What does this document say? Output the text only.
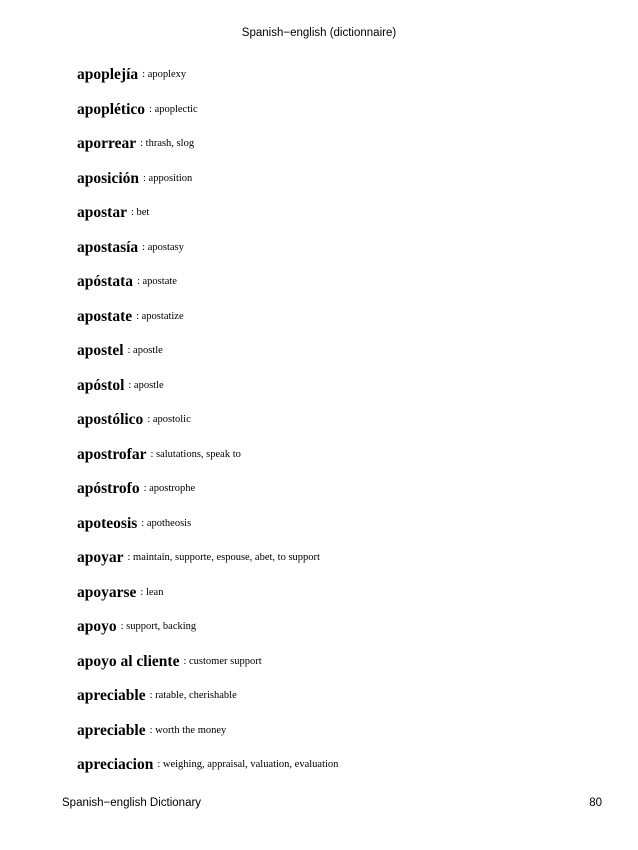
Spanish−english (dictionnaire)
apoplejía : apoplexy
apoplético : apoplectic
aporrear : thrash, slog
aposición : apposition
apostar : bet
apostasía : apostasy
apóstata : apostate
apostate : apostatize
apostel : apostle
apóstol : apostle
apostólico : apostolic
apostrofar : salutations, speak to
apóstrofo : apostrophe
apoteosis : apotheosis
apoyar : maintain, supporte, espouse, abet, to support
apoyarse : lean
apoyo : support, backing
apoyo al cliente : customer support
apreciable : ratable, cherishable
apreciable : worth the money
apreciacion : weighing, appraisal, valuation, evaluation
Spanish−english Dictionary	80
